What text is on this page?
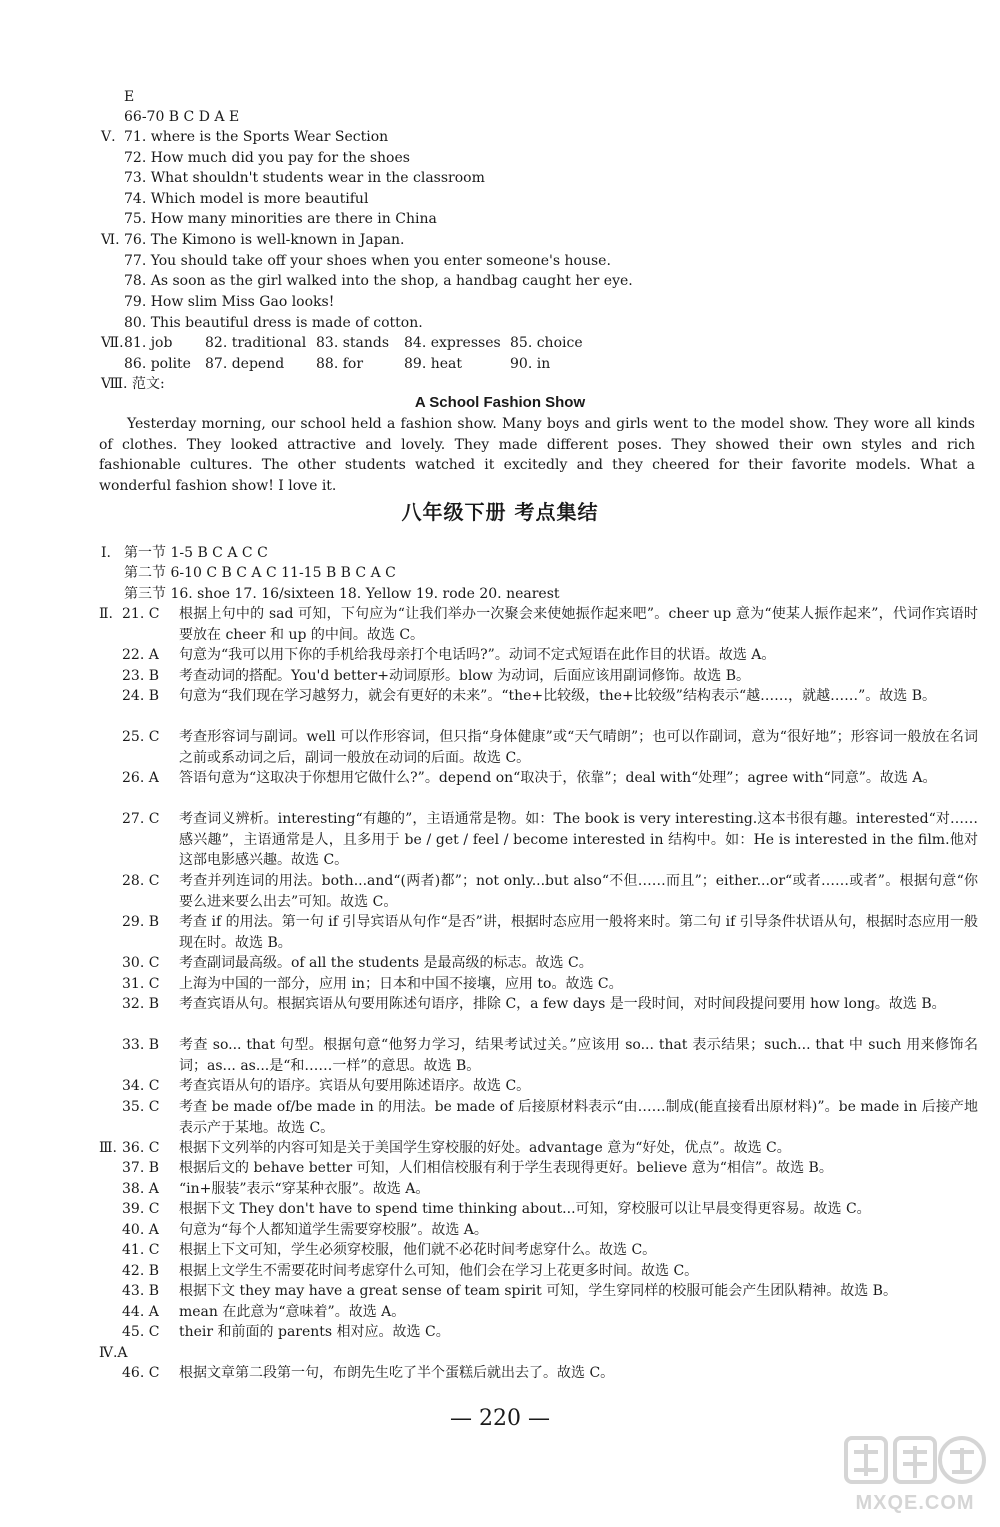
E
66-70 B C D A E
Ⅴ. 71. where is the Sports Wear Section
72. How much did you pay for the shoes
73. What shouldn't students wear in the classroom
74. Which model is more beautiful
75. How many minorities are there in China
Ⅵ. 76. The Kimono is well-known in Japan.
77. You should take off your shoes when you enter someone's house.
78. As soon as the girl walked into the shop, a handbag caught her eye.
79. How slim Miss Gao looks!
80. This beautiful dress is made of cotton.
Ⅶ. 81. job 82. traditional 83. stands 84. expresses 85. choice
86. polite 87. depend 88. for	89. heat	90. in
Ⅷ. 范文:
A School Fashion Show
Yesterday morning, our school held a fashion show. Many boys and girls went to the model show. They wore all kinds of clothes. They looked attractive and lovely. They made different poses. They showed their own styles and rich fashionable cultures. The other students watched it excitedly and they cheered for their favorite models. What a wonderful fashion show! I love it.
八年级下册 考点集结
Ⅰ. 第一节 1-5 B C A C C
第二节 6-10 C B C A C 11-15 B B C A C
第三节 16. shoe 17. 16/sixteen 18. Yellow 19. rode 20. nearest
Ⅱ. 21. C 根据上句中的 sad 可知，下句应为“让我们举办一次聚会来使她振作起来吧”。cheer up 意为“使某人振作起来”，代词作宾语时要放在 cheer 和 up 的中间。故选 C。
22. A 句意为“我可以用下你的手机给我母亲打个电话吗?”。动词不定式短语在此作目的状语。故选 A。
23. B 考查动词的搭配。You'd better+动词原形。blow 为动词，后面应该用副词修饰。故选 B。
24. B 句意为“我们现在学习越努力，就会有更好的未来”。“the+比较级，the+比较级”结构表示“越……，就越……”。故选 B。
25. C 考查形容词与副词。well 可以作形容词，但只指“身体健康”或“天气晴朗”；也可以作副词，意为“很好地”；形容词一般放在名词之前或系动词之后，副词一般放在动词的后面。故选 C。
26. A 答语句意为“这取决于你想用它做什么?”。depend on“取决于，依靠”；deal with“处理”；agree with“同意”。故选 A。
27. C 考查词义辨析。interesting“有趣的”，主语通常是物。如：The book is very interesting.这本书很有趣。interested“对……感兴趣”，主语通常是人，且多用于 be / get / feel / become interested in 结构中。如：He is interested in the film.他对这部电影感兴趣。故选 C。
28. C 考查并列连词的用法。both...and“(两者)都”；not only...but also“不但……而且”；either...or“或者……或者”。根据句意“你要么进来要么出去”可知。故选 C。
29. B 考查 if 的用法。第一句 if 引导宾语从句作“是否”讲，根据时态应用一般将来时。第二句 if 引导条件状语从句，根据时态应用一般现在时。故选 B。
30. C 考查副词最高级。of all the students 是最高级的标志。故选 C。
31. C 上海为中国的一部分，应用 in；日本和中国不接壤，应用 to。故选 C。
32. B 考查宾语从句。根据宾语从句要用陈述句语序，排除 C，a few days 是一段时间，对时间段提问要用 how long。故选 B。
33. B 考查 so... that 句型。根据句意“他努力学习，结果考试过关。”应该用 so... that 表示结果；such... that 中 such 用来修饰名词；as... as...是“和……一样”的意思。故选 B。
34. C 考查宾语从句的语序。宾语从句要用陈述语序。故选 C。
35. C 考查 be made of/be made in 的用法。be made of 后接原材料表示“由……制成(能直接看出原材料)”。be made in 后接产地表示产于某地。故选 C。
Ⅲ. 36. C 根据下文列举的内容可知是关于美国学生穿校服的好处。advantage 意为“好处，优点”。故选 C。
37. B 根据后文的 behave better 可知，人们相信校服有利于学生表现得更好。believe 意为“相信”。故选 B。
38. A “in+服装”表示“穿某种衣服”。故选 A。
39. C 根据下文 They don't have to spend time thinking about...可知，穿校服可以让早晨变得更容易。故选 C。
40. A 句意为“每个人都知道学生需要穿校服”。故选 A。
41. C 根据上下文可知，学生必须穿校服，他们就不必花时间考虑穿什么。故选 C。
42. B 根据上文学生不需要花时间考虑穿什么可知，他们会在学习上花更多时间。故选 C。
43. B 根据下文 they may have a great sense of team spirit 可知，学生穿同样的校服可能会产生团队精神。故选 B。
44. A mean 在此意为“意味着”。故选 A。
45. C their 和前面的 parents 相对应。故选 C。
Ⅳ.A
46. C 根据文章第二段第一句，布朗先生吃了半个蛋糕后就出去了。故选 C。
— 220 —
MXQE.COM
